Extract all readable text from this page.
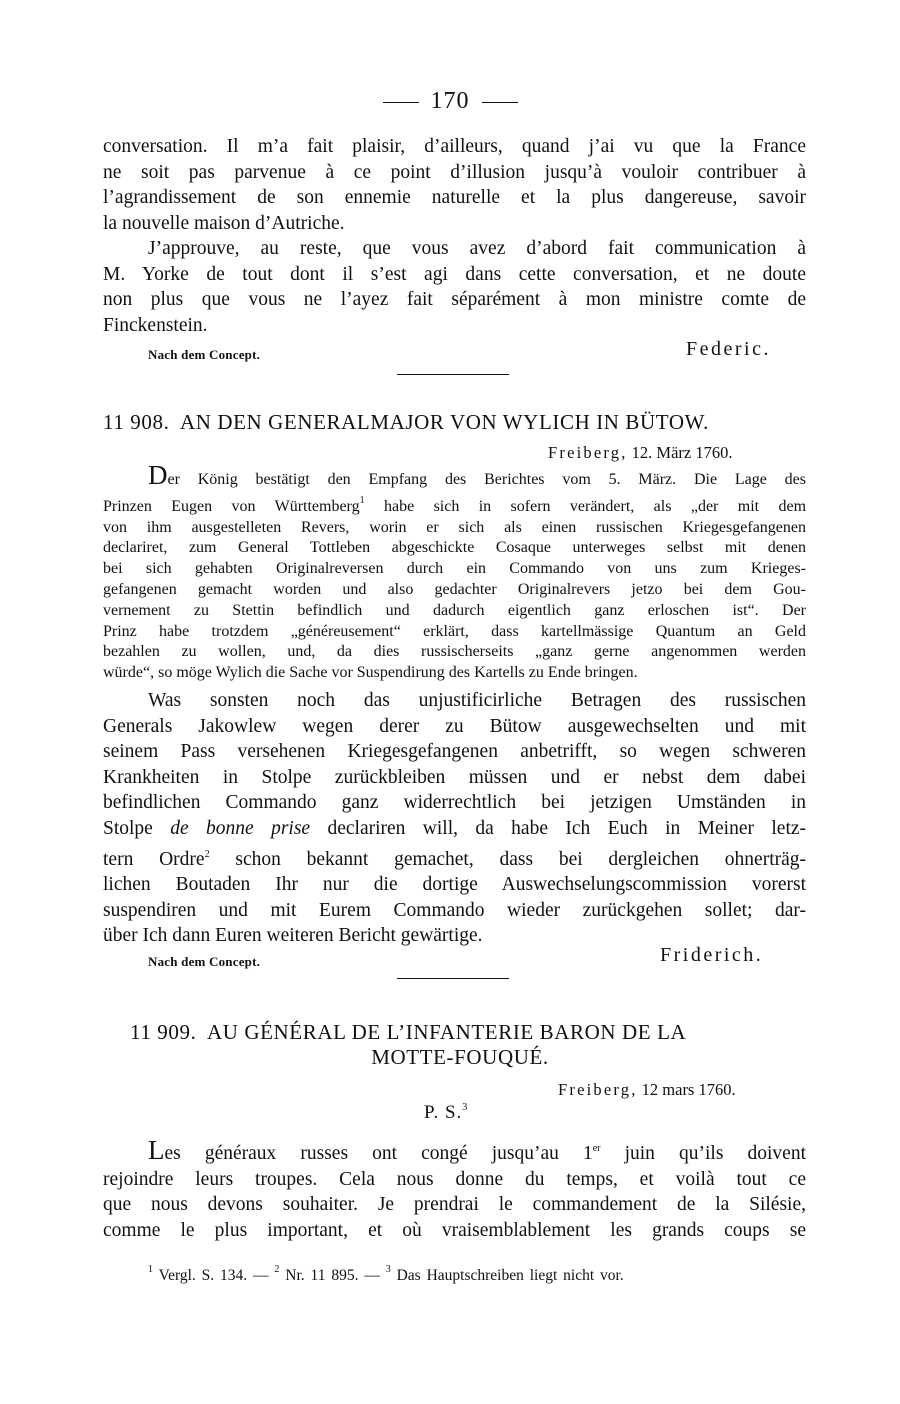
170
conversation. Il m’a fait plaisir, d’ailleurs, quand j’ai vu que la France
ne soit pas parvenue à ce point d’illusion jusqu’à vouloir contribuer à
l’agrandissement de son ennemie naturelle et la plus dangereuse, savoir
la nouvelle maison d’Autriche.
J’approuve, au reste, que vous avez d’abord fait communication à
M. Yorke de tout dont il s’est agi dans cette conversation, et ne doute
non plus que vous ne l’ayez fait séparément à mon ministre comte de
Finckenstein.
Nach dem Concept.	Federic.
11 908. AN DEN GENERALMAJOR VON WYLICH IN BÜTOW.
Freiberg, 12. März 1760.
Der König bestätigt den Empfang des Berichtes vom 5. März. Die Lage des
Prinzen Eugen von Württemberg$^1$ habe sich in sofern verändert, als „der mit dem
von ihm ausgestelleten Revers, worin er sich als einen russischen Kriegesgefangenen
declariret, zum General Tottleben abgeschickte Cosaque unterweges selbst mit denen
bei sich gehabten Originalreversen durch ein Commando von uns zum Krieges-
gefangenen gemacht worden und also gedachter Originalrevers jetzo bei dem Gou-
vernement zu Stettin befindlich und dadurch eigentlich ganz erloschen ist“. Der
Prinz habe trotzdem „généreusement“ erklärt, dass kartellmässige Quantum an Geld
bezahlen zu wollen, und, da dies russischerseits „ganz gerne angenommen werden
würde“, so möge Wylich die Sache vor Suspendirung des Kartells zu Ende bringen.
Was sonsten noch das unjustificirliche Betragen des russischen
Generals Jakowlew wegen derer zu Bütow ausgewechselten und mit
seinem Pass versehenen Kriegesgefangenen anbetrifft, so wegen schweren
Krankheiten in Stolpe zurückbleiben müssen und er nebst dem dabei
befindlichen Commando ganz widerrechtlich bei jetzigen Umständen in
Stolpe de bonne prise declariren will, da habe Ich Euch in Meiner letz-
tern Ordre$^2$ schon bekannt gemachet, dass bei dergleichen ohnerträg-
lichen Boutaden Ihr nur die dortige Auswechselungscommission vorerst
suspendiren und mit Eurem Commando wieder zurückgehen sollet; dar-
über Ich dann Euren weiteren Bericht gewärtige.
Nach dem Concept.	Friderich.
11 909. AU GÉNÉRAL DE L’INFANTERIE BARON DE LA
MOTTE-FOUQUÉ.
Freiberg, 12 mars 1760.
P. S.$^3$
Les généraux russes ont congé jusqu’au 1er juin qu’ils doivent
rejoindre leurs troupes. Cela nous donne du temps, et voilà tout ce
que nous devons souhaiter. Je prendrai le commandement de la Silésie,
comme le plus important, et où vraisemblablement les grands coups se
$^1$ Vergl. S. 134. — $^2$ Nr. 11 895. — $^3$ Das Hauptschreiben liegt nicht vor.
